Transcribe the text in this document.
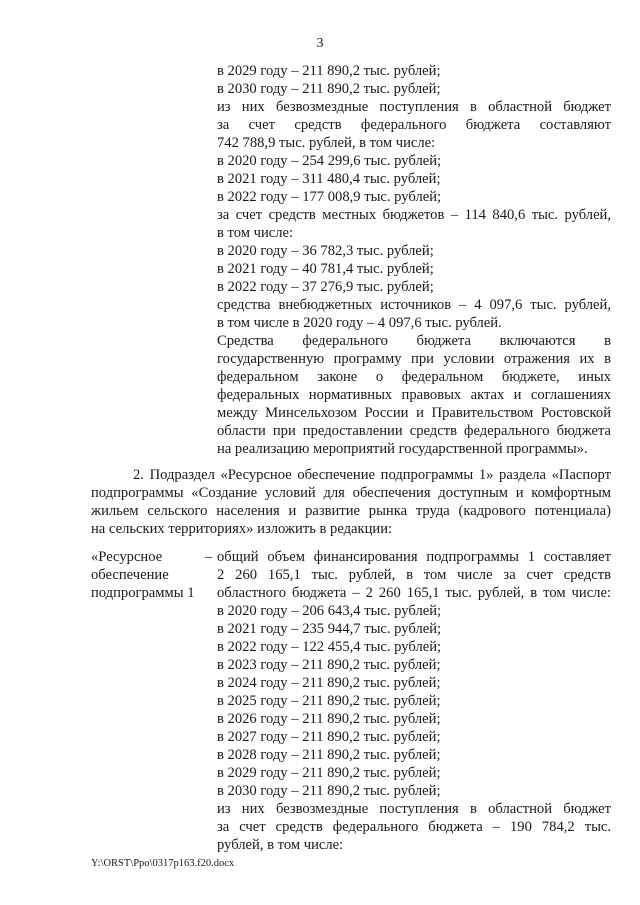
3
в 2029 году – 211 890,2 тыс. рублей;
в 2030 году – 211 890,2 тыс. рублей;
из них безвозмездные поступления в областной бюджет
за счет средств федерального бюджета составляют
742 788,9 тыс. рублей, в том числе:
в 2020 году – 254 299,6 тыс. рублей;
в 2021 году – 311 480,4 тыс. рублей;
в 2022 году – 177 008,9 тыс. рублей;
за счет средств местных бюджетов – 114 840,6 тыс. рублей,
в том числе:
в 2020 году – 36 782,3 тыс. рублей;
в 2021 году – 40 781,4 тыс. рублей;
в 2022 году – 37 276,9 тыс. рублей;
средства внебюджетных источников – 4 097,6 тыс. рублей,
в том числе в 2020 году – 4 097,6 тыс. рублей.
Средства федерального бюджета включаются в
государственную программу при условии отражения их в
федеральном законе о федеральном бюджете, иных
федеральных нормативных правовых актах и соглашениях
между Минсельхозом России и Правительством Ростовской
области при предоставлении средств федерального бюджета
на реализацию мероприятий государственной программы».
2. Подраздел «Ресурсное обеспечение подпрограммы 1» раздела «Паспорт
подпрограммы «Создание условий для обеспечения доступным и комфортным
жильем сельского населения и развитие рынка труда (кадрового потенциала)
на сельских территориях» изложить в редакции:
«Ресурсное
обеспечение
подпрограммы 1
– общий объем финансирования подпрограммы 1 составляет
2 260 165,1 тыс. рублей, в том числе за счет средств
областного бюджета – 2 260 165,1 тыс. рублей, в том числе:
в 2020 году – 206 643,4 тыс. рублей;
в 2021 году – 235 944,7 тыс. рублей;
в 2022 году – 122 455,4 тыс. рублей;
в 2023 году – 211 890,2 тыс. рублей;
в 2024 году – 211 890,2 тыс. рублей;
в 2025 году – 211 890,2 тыс. рублей;
в 2026 году – 211 890,2 тыс. рублей;
в 2027 году – 211 890,2 тыс. рублей;
в 2028 году – 211 890,2 тыс. рублей;
в 2029 году – 211 890,2 тыс. рублей;
в 2030 году – 211 890,2 тыс. рублей;
из них безвозмездные поступления в областной бюджет
за счет средств федерального бюджета – 190 784,2 тыс.
рублей, в том числе:
Y:\ORST\Ppo\0317p163.f20.docx
